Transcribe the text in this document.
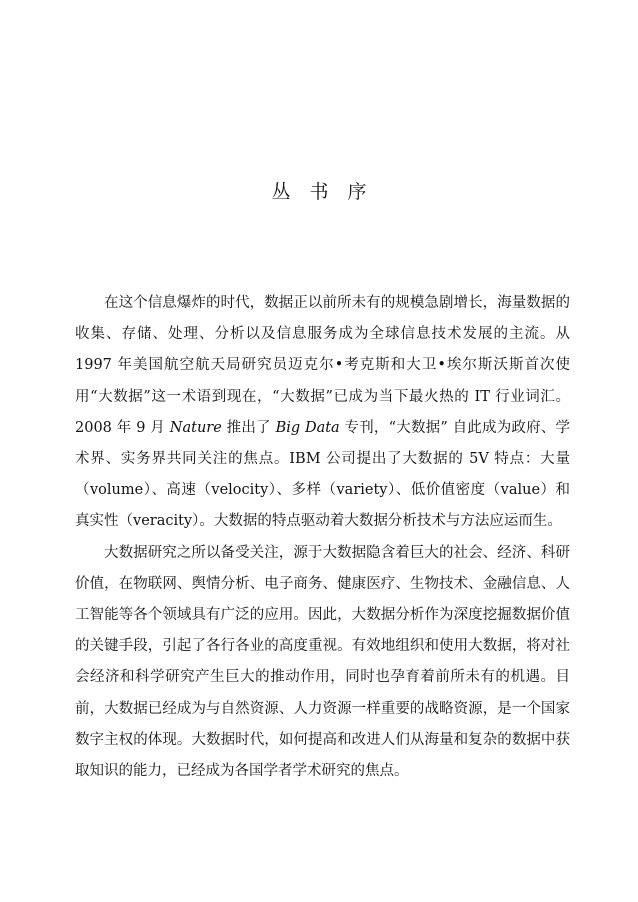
丛书序

在这个信息爆炸的时代，数据正以前所未有的规模急剧增长，海量数据的收集、存储、处理、分析以及信息服务成为全球信息技术发展的主流。从 1997 年美国航空航天局研究员迈克尔•考克斯和大卫•埃尔斯沃斯首次使用“大数据”这一术语到现在，“大数据”已成为当下最火热的 IT 行业词汇。2008 年 9 月 Nature 推出了 Big Data 专刊，“大数据” 自此成为政府、学术界、实务界共同关注的焦点。IBM 公司提出了大数据的 5V 特点：大量（volume）、高速（velocity）、多样（variety）、低价值密度（value）和真实性（veracity）。大数据的特点驱动着大数据分析技术与方法应运而生。

大数据研究之所以备受关注，源于大数据隐含着巨大的社会、经济、科研价值，在物联网、舆情分析、电子商务、健康医疗、生物技术、金融信息、人工智能等各个领域具有广泛的应用。因此，大数据分析作为深度挖掘数据价值的关键手段，引起了各行各业的高度重视。有效地组织和使用大数据，将对社会经济和科学研究产生巨大的推动作用，同时也孕育着前所未有的机遇。目前，大数据已经成为与自然资源、人力资源一样重要的战略资源，是一个国家数字主权的体现。大数据时代，如何提高和改进人们从海量和复杂的数据中获取知识的能力，已经成为各国学者学术研究的焦点。
